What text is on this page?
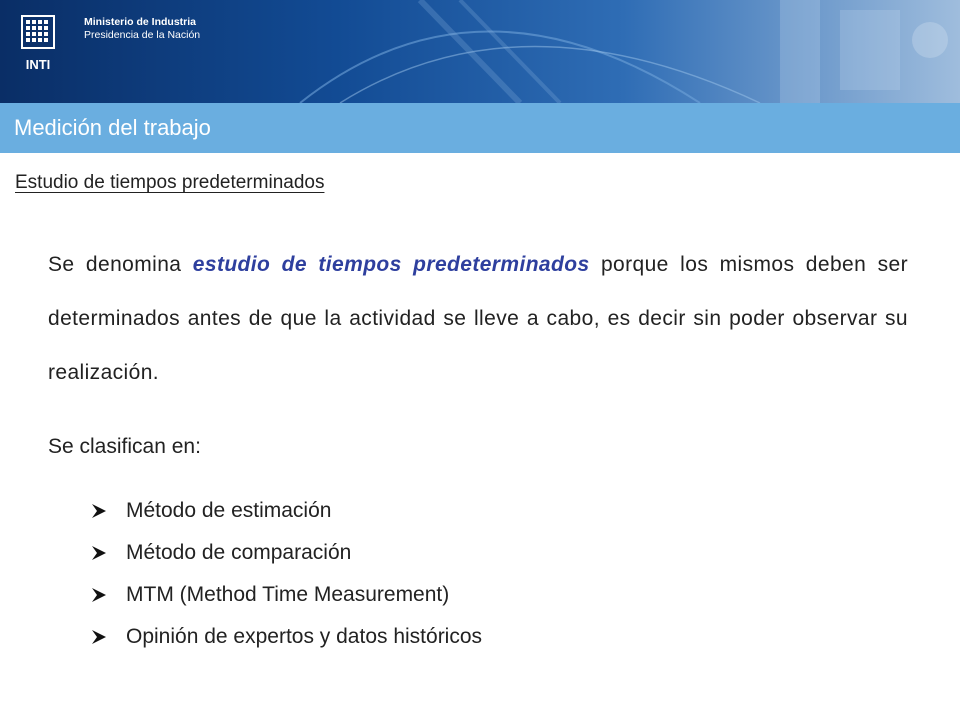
INTI
Ministerio de Industria
Presidencia de la Nación
Medición del trabajo
Estudio de tiempos predeterminados
Se denomina estudio de tiempos predeterminados porque los mismos deben ser determinados antes de que la actividad se lleve a cabo, es decir sin poder observar su realización.
Se clasifican en:
Método de estimación
Método de comparación
MTM (Method Time Measurement)
Opinión de expertos y datos históricos
